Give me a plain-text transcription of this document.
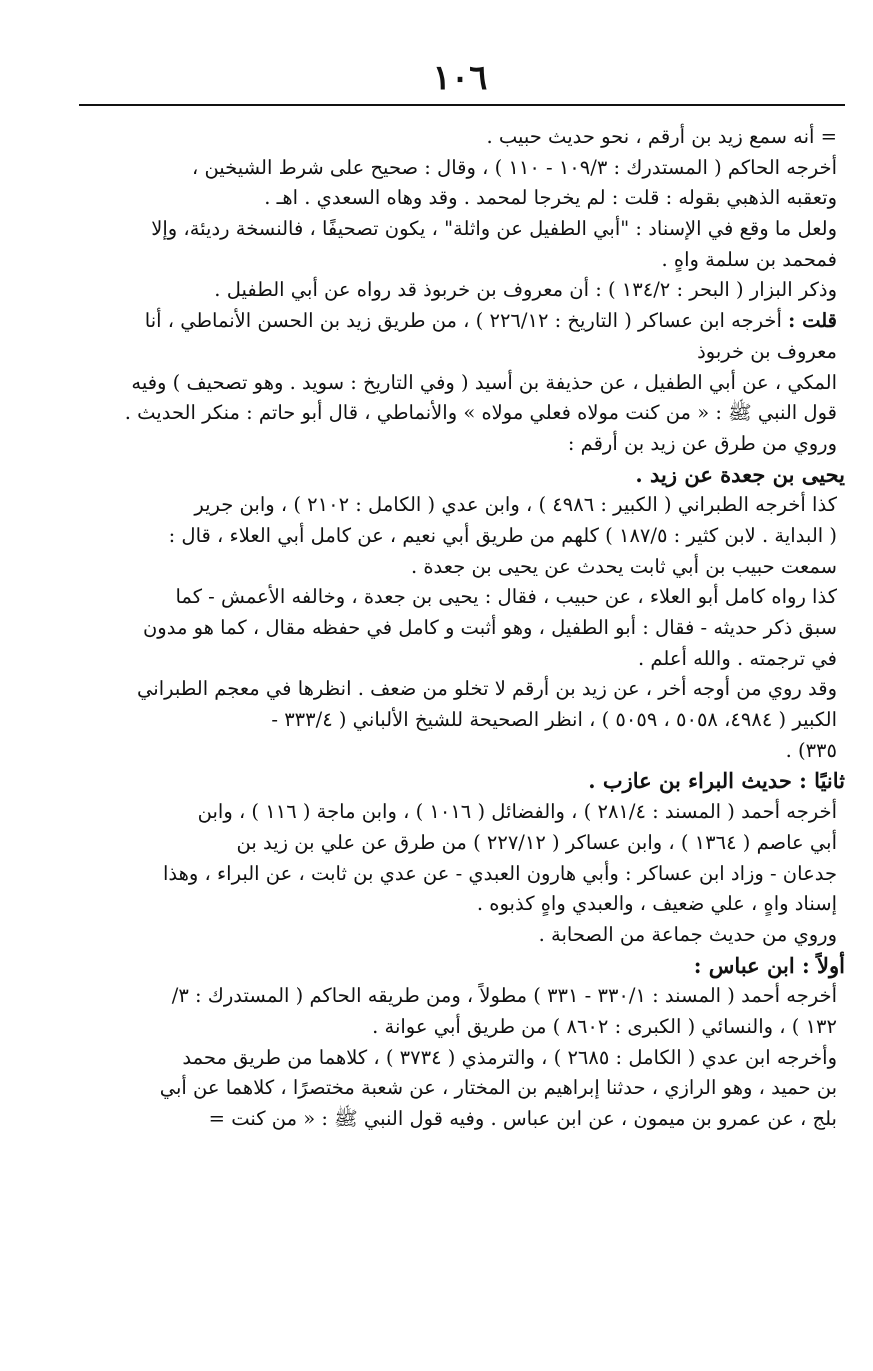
١٠٦
= أنه سمع زيد بن أرقم ، نحو حديث حبيب .
أخرجه الحاكم ( المستدرك : ١٠٩/٣ - ١١٠ ) ، وقال : صحيح على شرط الشيخين ،
وتعقبه الذهبي بقوله : قلت : لم يخرجا لمحمد . وقد وهاه السعدي . اهـ .
ولعل ما وقع في الإسناد : "أبي الطفيل عن واثلة" ، يكون تصحيفًا ، فالنسخة رديئة، وإلا
فمحمد بن سلمة واهٍ .
وذكر البزار ( البحر : ١٣٤/٢ ) : أن معروف بن خربوذ قد رواه عن أبي الطفيل .
قلت : أخرجه ابن عساكر ( التاريخ : ٢٢٦/١٢ ) ، من طريق زيد بن الحسن الأنماطي ، أنا
معروف بن خربوذ
المكي ، عن أبي الطفيل ، عن حذيفة بن أسيد ( وفي التاريخ : سويد . وهو تصحيف ) وفيه
قول النبي ﷺ : « من كنت مولاه فعلي مولاه » والأنماطي ، قال أبو حاتم : منكر الحديث .
وروي من طرق عن زيد بن أرقم :
يحيى بن جعدة عن زيد .
كذا أخرجه الطبراني ( الكبير : ٤٩٨٦ ) ، وابن عدي ( الكامل : ٢١٠٢ ) ، وابن جرير
( البداية . لابن كثير : ١٨٧/٥ ) كلهم من طريق أبي نعيم ، عن كامل أبي العلاء ، قال :
سمعت حبيب بن أبي ثابت يحدث عن يحيى بن جعدة .
كذا رواه كامل أبو العلاء ، عن حبيب ، فقال : يحيى بن جعدة ، وخالفه الأعمش - كما
سبق ذكر حديثه - فقال : أبو الطفيل ، وهو أثبت و كامل في حفظه مقال ، كما هو مدون
في ترجمته . والله أعلم .
وقد روي من أوجه أخر ، عن زيد بن أرقم لا تخلو من ضعف . انظرها في معجم الطبراني
الكبير ( ٤٩٨٤، ٥٠٥٨ ، ٥٠٥٩ ) ، انظر الصحيحة للشيخ الألباني ( ٣٣٣/٤ -
٣٣٥) .
ثانيًا : حديث البراء بن عازب .
أخرجه أحمد ( المسند : ٢٨١/٤ ) ، والفضائل ( ١٠١٦ ) ، وابن ماجة ( ١١٦ ) ، وابن
أبي عاصم ( ١٣٦٤ ) ، وابن عساكر ( ٢٢٧/١٢ ) من طرق عن علي بن زيد بن
جدعان - وزاد ابن عساكر : وأبي هارون العبدي - عن عدي بن ثابت ، عن البراء ، وهذا
إسناد واهٍ ، علي ضعيف ، والعبدي واهٍ كذبوه .
وروي من حديث جماعة من الصحابة .
أولاً : ابن عباس :
أخرجه أحمد ( المسند : ٣٣٠/١ - ٣٣١ ) مطولاً ، ومن طريقه الحاكم ( المستدرك : ٣/
١٣٢ ) ، والنسائي ( الكبرى : ٨٦٠٢ ) من طريق أبي عوانة .
وأخرجه ابن عدي ( الكامل : ٢٦٨٥ ) ، والترمذي ( ٣٧٣٤ ) ، كلاهما من طريق محمد
بن حميد ، وهو الرازي ، حدثنا إبراهيم بن المختار ، عن شعبة مختصرًا ، كلاهما عن أبي
بلج ، عن عمرو بن ميمون ، عن ابن عباس . وفيه قول النبي ﷺ : « من كنت =
